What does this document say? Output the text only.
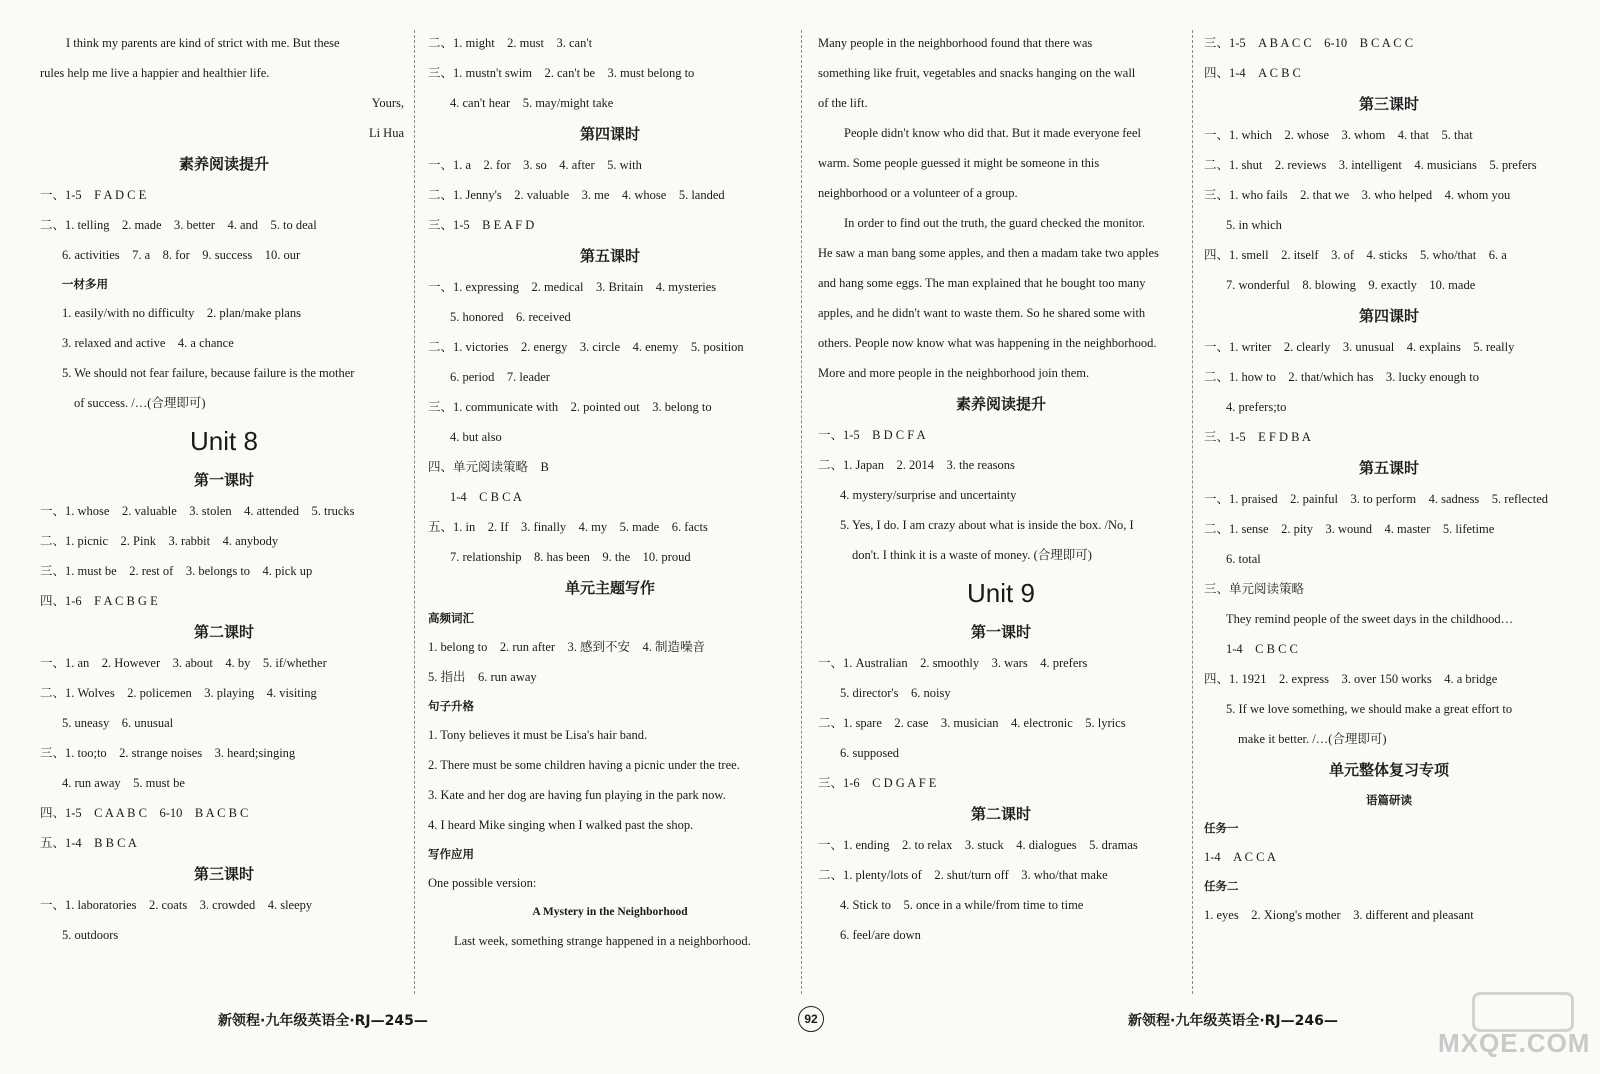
I think my parents are kind of strict with me. But these
rules help me live a happier and healthier life.
Yours,
Li Hua
素养阅读提升
一、1-5　F A D C E
二、1. telling　2. made　3. better　4. and　5. to deal
6. activities　7. a　8. for　9. success　10. our
一材多用
1. easily/with no difficulty　2. plan/make plans
3. relaxed and active　4. a chance
5. We should not fear failure, because failure is the mother
of success. /…(合理即可)
Unit 8
第一课时
一、1. whose　2. valuable　3. stolen　4. attended　5. trucks
二、1. picnic　2. Pink　3. rabbit　4. anybody
三、1. must be　2. rest of　3. belongs to　4. pick up
四、1-6　F A C B G E
第二课时
一、1. an　2. However　3. about　4. by　5. if/whether
二、1. Wolves　2. policemen　3. playing　4. visiting
5. uneasy　6. unusual
三、1. too;to　2. strange noises　3. heard;singing
4. run away　5. must be
四、1-5　C A A B C　6-10　B A C B C
五、1-4　B B C A
第三课时
一、1. laboratories　2. coats　3. crowded　4. sleepy
5. outdoors
二、1. might　2. must　3. can't
三、1. mustn't swim　2. can't be　3. must belong to
4. can't hear　5. may/might take
第四课时
一、1. a　2. for　3. so　4. after　5. with
二、1. Jenny's　2. valuable　3. me　4. whose　5. landed
三、1-5　B E A F D
第五课时
一、1. expressing　2. medical　3. Britain　4. mysteries
5. honored　6. received
二、1. victories　2. energy　3. circle　4. enemy　5. position
6. period　7. leader
三、1. communicate with　2. pointed out　3. belong to
4. but also
四、单元阅读策略　B
1-4　C B C A
五、1. in　2. If　3. finally　4. my　5. made　6. facts
7. relationship　8. has been　9. the　10. proud
单元主题写作
高频词汇
1. belong to　2. run after　3. 感到不安　4. 制造噪音
5. 指出　6. run away
句子升格
1. Tony believes it must be Lisa's hair band.
2. There must be some children having a picnic under the tree.
3. Kate and her dog are having fun playing in the park now.
4. I heard Mike singing when I walked past the shop.
写作应用
One possible version:
A Mystery in the Neighborhood
Last week, something strange happened in a neighborhood.
Many people in the neighborhood found that there was
something like fruit, vegetables and snacks hanging on the wall
of the lift.
People didn't know who did that. But it made everyone feel
warm. Some people guessed it might be someone in this
neighborhood or a volunteer of a group.
In order to find out the truth, the guard checked the monitor.
He saw a man bang some apples, and then a madam take two apples
and hang some eggs. The man explained that he bought too many
apples, and he didn't want to waste them. So he shared some with
others. People now know what was happening in the neighborhood.
More and more people in the neighborhood join them.
素养阅读提升
一、1-5　B D C F A
二、1. Japan　2. 2014　3. the reasons
4. mystery/surprise and uncertainty
5. Yes, I do. I am crazy about what is inside the box. /No, I
don't. I think it is a waste of money. (合理即可)
Unit 9
第一课时
一、1. Australian　2. smoothly　3. wars　4. prefers
5. director's　6. noisy
二、1. spare　2. case　3. musician　4. electronic　5. lyrics
6. supposed
三、1-6　C D G A F E
第二课时
一、1. ending　2. to relax　3. stuck　4. dialogues　5. dramas
二、1. plenty/lots of　2. shut/turn off　3. who/that make
4. Stick to　5. once in a while/from time to time
6. feel/are down
三、1-5　A B A C C　6-10　B C A C C
四、1-4　A C B C
第三课时
一、1. which　2. whose　3. whom　4. that　5. that
二、1. shut　2. reviews　3. intelligent　4. musicians　5. prefers
三、1. who fails　2. that we　3. who helped　4. whom you
5. in which
四、1. smell　2. itself　3. of　4. sticks　5. who/that　6. a
7. wonderful　8. blowing　9. exactly　10. made
第四课时
一、1. writer　2. clearly　3. unusual　4. explains　5. really
二、1. how to　2. that/which has　3. lucky enough to
4. prefers;to
三、1-5　E F D B A
第五课时
一、1. praised　2. painful　3. to perform　4. sadness　5. reflected
二、1. sense　2. pity　3. wound　4. master　5. lifetime
6. total
三、单元阅读策略
They remind people of the sweet days in the childhood…
1-4　C B C C
四、1. 1921　2. express　3. over 150 works　4. a bridge
5. If we love something, we should make a great effort to
make it better. /…(合理即可)
单元整体复习专项
语篇研读
任务一
1-4　A C C A
任务二
1. eyes　2. Xiong's mother　3. different and pleasant
新领程·九年级英语全·RJ—245—	92	新领程·九年级英语全·RJ—246—
MXQE.COM
